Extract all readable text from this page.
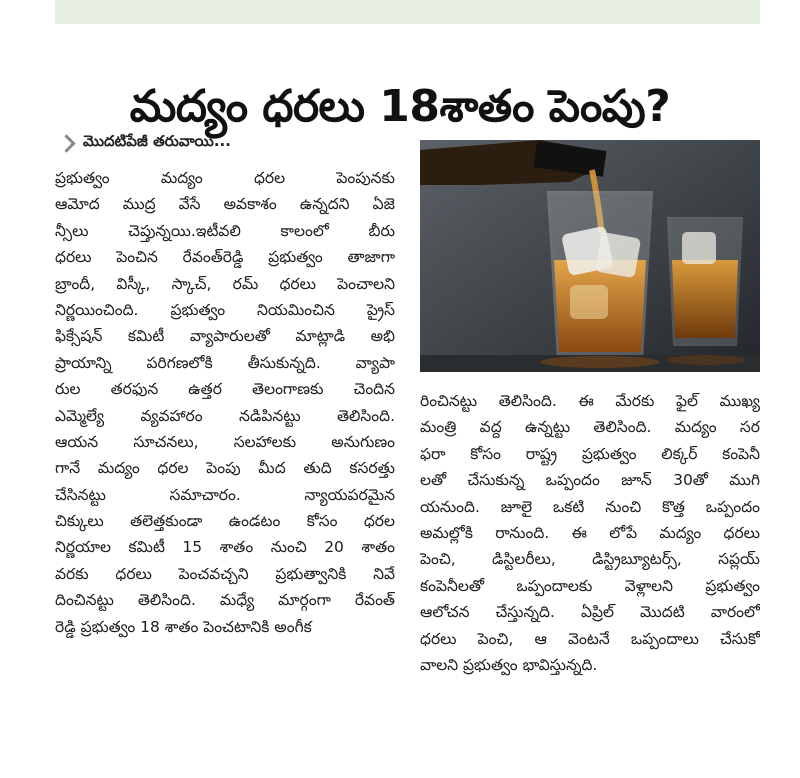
మద్యం ధరలు 18శాతం పెంపు?
మొదటిపేజీ తరువాయి...
ప్రభుత్వం మద్యం ధరల పెంపునకు
ఆమోద ముద్ర వేసే అవకాశం ఉన్నదని ఏజె
న్సీలు చెప్తున్నయి.ఇటీవలి కాలంలో బీరు
ధరలు పెంచిన రేవంత్‌రెడ్డి ప్రభుత్వం తాజాగా
బ్రాందీ, విస్కీ, స్కాచ్, రమ్ ధరలు పెంచాలని
నిర్ణయించింది. ప్రభుత్వం నియమించిన ప్రైస్
ఫిక్సేషన్ కమిటీ వ్యాపారులతో మాట్లాడి అభి
ప్రాయాన్ని పరిగణలోకి తీసుకున్నది. వ్యాపా
రుల తరఫున ఉత్తర తెలంగాణకు చెందిన
ఎమ్మెల్యే వ్యవహారం నడిపినట్టు తెలిసింది.
ఆయన సూచనలు, సలహాలకు అనుగుణం
గానే మద్యం ధరల పెంపు మీద తుది కసరత్తు
చేసినట్టు సమాచారం. న్యాయపరమైన
చిక్కులు తలెత్తకుండా ఉండటం కోసం ధరల
నిర్ణయాల కమిటీ 15 శాతం నుంచి 20 శాతం
వరకు ధరలు పెంచవచ్చని ప్రభుత్వానికి నివే
దించినట్టు తెలిసింది. మధ్యే మార్గంగా రేవంత్
రెడ్డి ప్రభుత్వం 18 శాతం పెంచటానికి అంగీక
రించినట్టు తెలిసింది. ఈ మేరకు ఫైల్ ముఖ్య
మంత్రి వద్ద ఉన్నట్టు తెలిసింది. మద్యం సర
ఫరా కోసం రాష్ట్ర ప్రభుత్వం లిక్కర్ కంపెనీ
లతో చేసుకున్న ఒప్పందం జూన్ 30తో ముగి
యనుంది. జూలై ఒకటి నుంచి కొత్త ఒప్పందం
అమల్లోకి రానుంది. ఈ లోపే మద్యం ధరలు
పెంచి, డిస్టిలరీలు, డిస్ట్రిబ్యూటర్స్, సప్లయ్
కంపెనీలతో ఒప్పందాలకు వెళ్లాలని ప్రభుత్వం
ఆలోచన చేస్తున్నది. ఏప్రిల్ మొదటి వారంలో
ధరలు పెంచి, ఆ వెంటనే ఒప్పందాలు చేసుకో
వాలని ప్రభుత్వం భావిస్తున్నది.
